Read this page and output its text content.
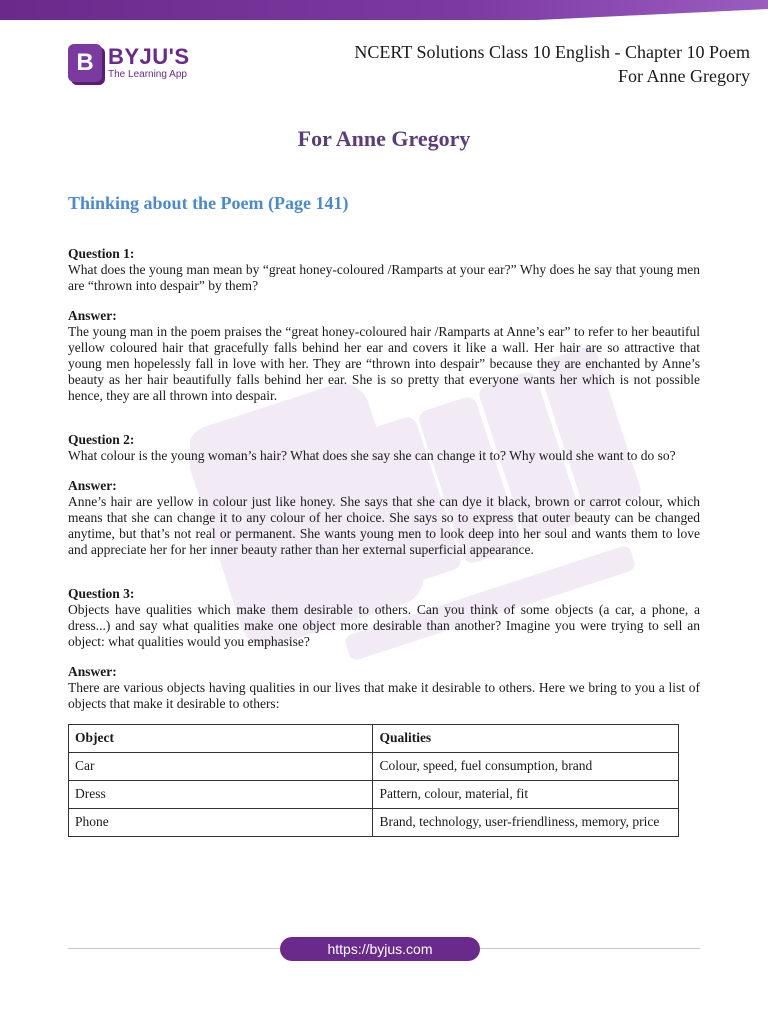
B BYJU'S
The Learning App
NCERT Solutions Class 10 English - Chapter 10 Poem
For Anne Gregory
For Anne Gregory
Thinking about the Poem (Page 141)
Question 1:

What does the young man mean by “great honey-coloured /Ramparts at your ear?” Why does he say that young men are “thrown into despair” by them?

Answer:

The young man in the poem praises the “great honey-coloured hair /Ramparts at Anne’s ear” to refer to her beautiful yellow coloured hair that gracefully falls behind her ear and covers it like a wall. Her hair are so attractive that young men hopelessly fall in love with her. They are “thrown into despair” because they are enchanted by Anne’s beauty as her hair beautifully falls behind her ear. She is so pretty that everyone wants her which is not possible hence, they are all thrown into despair.

Question 2:

What colour is the young woman’s hair? What does she say she can change it to? Why would she want to do so?

Answer:

Anne’s hair are yellow in colour just like honey. She says that she can dye it black, brown or carrot colour, which means that she can change it to any colour of her choice. She says so to express that outer beauty can be changed anytime, but that’s not real or permanent. She wants young men to look deep into her soul and wants them to love and appreciate her for her inner beauty rather than her external superficial appearance.

Question 3:

Objects have qualities which make them desirable to others. Can you think of some objects (a car, a phone, a dress...) and say what qualities make one object more desirable than another? Imagine you were trying to sell an object: what qualities would you emphasise?

Answer:

There are various objects having qualities in our lives that make it desirable to others. Here we bring to you a list of objects that make it desirable to others:

Object	Qualities
Car	Colour, speed, fuel consumption, brand
Dress	Pattern, colour, material, fit
Phone	Brand, technology, user-friendliness, memory, price
https://byjus.com
